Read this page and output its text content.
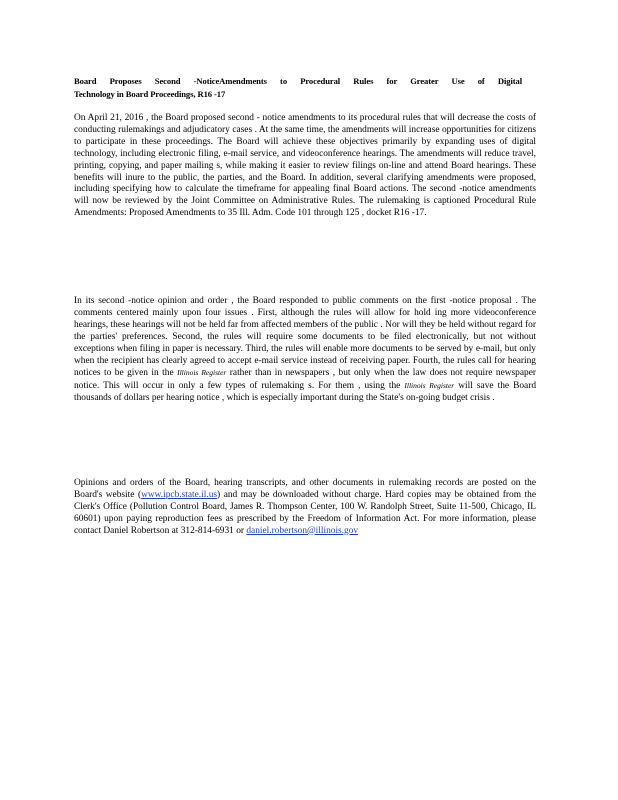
Board Proposes Second -NoticeAmendments to Procedural Rules for Greater Use of Digital
Technology in Board Proceedings, R16 -17

On April 21, 2016 , the Board proposed second - notice amendments to its procedural rules that will decrease the costs of conducting rulemakings and adjudicatory cases . At the same time, the amendments will increase opportunities for citizens to participate in these proceedings. The Board will achieve these objectives primarily by expanding uses of digital technology, including electronic filing, e-mail service, and videoconference hearings. The amendments will reduce travel, printing, copying, and paper mailing s, while making it easier to review filings on-line and attend Board hearings. These benefits will inure to the public, the parties, and the Board. In addition, several clarifying amendments were proposed, including specifying how to calculate the timeframe for appealing final Board actions. The second -notice amendments will now be reviewed by the Joint Committee on Administrative Rules. The rulemaking is captioned Procedural Rule Amendments: Proposed Amendments to 35 Ill. Adm. Code 101 through 125 , docket R16 -17.

In its second -notice opinion and order , the Board responded to public comments on the first -notice proposal . The comments centered mainly upon four issues . First, although the rules will allow for hold ing more videoconference hearings, these hearings will not be held far from affected members of the public . Nor will they be held without regard for the parties' preferences. Second, the rules will require some documents to be filed electronically, but not without exceptions when filing in paper is necessary. Third, the rules will enable more documents to be served by e-mail, but only when the recipient has clearly agreed to accept e-mail service instead of receiving paper. Fourth, the rules call for hearing notices to be given in the Illinois Register rather than in newspapers , but only when the law does not require newspaper notice. This will occur in only a few types of rulemaking s. For them , using the Illinois Register will save the Board thousands of dollars per hearing notice , which is especially important during the State's on-going budget crisis .

Opinions and orders of the Board, hearing transcripts, and other documents in rulemaking records are posted on the Board's website (www.ipcb.state.il.us) and may be downloaded without charge. Hard copies may be obtained from the Clerk's Office (Pollution Control Board, James R. Thompson Center, 100 W. Randolph Street, Suite 11-500, Chicago, IL 60601) upon paying reproduction fees as prescribed by the Freedom of Information Act. For more information, please contact Daniel Robertson at 312-814-6931 or daniel.robertson@illinois.gov
